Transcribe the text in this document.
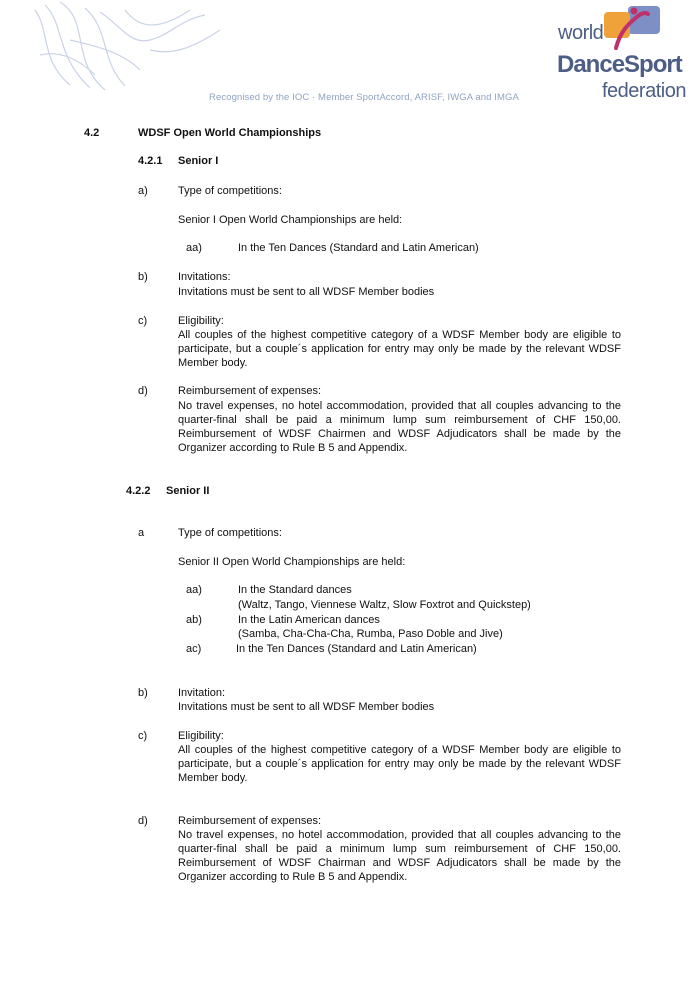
world
DanceSport
federation
Recognised by the IOC · Member SportAccord, ARISF, IWGA and IMGA
4.2	WDSF Open World Championships
4.2.1 Senior I
a)	Type of competitions:
Senior I Open World Championships are held:
aa)	In the Ten Dances (Standard and Latin American)
b)	Invitations:
Invitations must be sent to all WDSF Member bodies
c)	Eligibility:
All couples of the highest competitive category of a WDSF Member body are eligible to participate, but a couple´s application for entry may only be made by the relevant WDSF Member body.
d)	Reimbursement of expenses:
No travel expenses, no hotel accommodation, provided that all couples advancing to the quarter-final shall be paid a minimum lump sum reimbursement of CHF 150,00. Reimbursement of WDSF Chairmen and WDSF Adjudicators shall be made by the Organizer according to Rule B 5 and Appendix.
4.2.2 Senior II
a	Type of competitions:
Senior II Open World Championships are held:
aa)	In the Standard dances
(Waltz, Tango, Viennese Waltz, Slow Foxtrot and Quickstep)
ab)	In the Latin American dances
(Samba, Cha-Cha-Cha, Rumba, Paso Doble and Jive)
ac)	In the Ten Dances (Standard and Latin American)
b)	Invitation:
Invitations must be sent to all WDSF Member bodies
c)	Eligibility:
All couples of the highest competitive category of a WDSF Member body are eligible to participate, but a couple´s application for entry may only be made by the relevant WDSF Member body.
d)	Reimbursement of expenses:
No travel expenses, no hotel accommodation, provided that all couples advancing to the quarter-final shall be paid a minimum lump sum reimbursement of CHF 150,00. Reimbursement of WDSF Chairman and WDSF Adjudicators shall be made by the Organizer according to Rule B 5 and Appendix.
